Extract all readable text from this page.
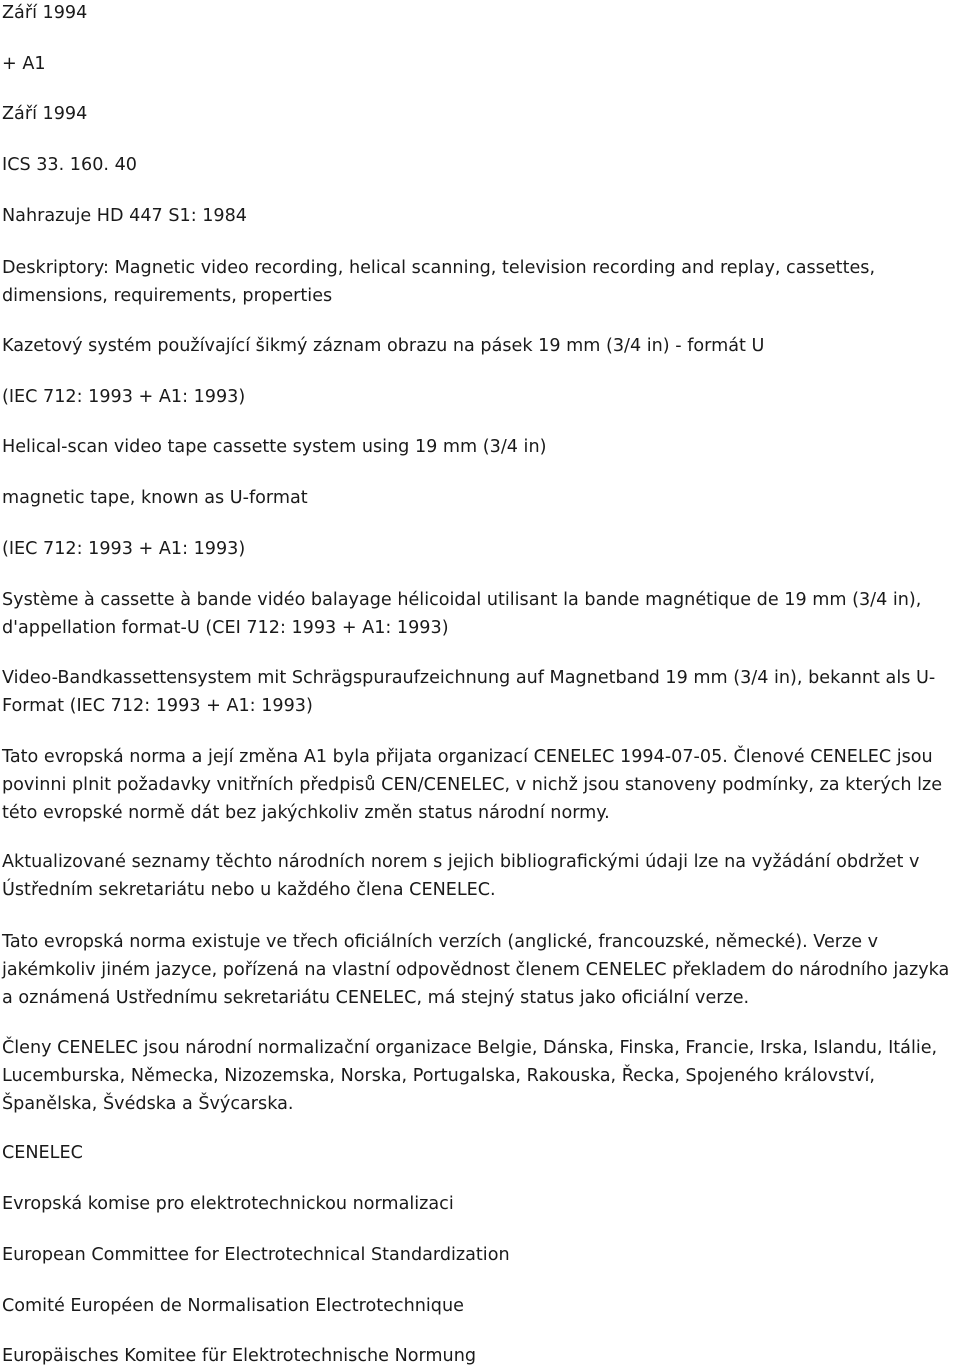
Září 1994

+ A1

Září 1994

ICS 33. 160. 40

Nahrazuje HD 447 S1: 1984

Deskriptory: Magnetic video recording, helical scanning, television recording and replay, cassettes, dimensions, requirements, properties

Kazetový systém používající šikmý záznam obrazu na pásek 19 mm (3/4 in) - formát U

(IEC 712: 1993 + A1: 1993)

Helical-scan video tape cassette system using 19 mm (3/4 in)

magnetic tape, known as U-format

(IEC 712: 1993 + A1: 1993)

Système à cassette à bande vidéo balayage hélicoidal utilisant la bande magnétique de 19 mm (3/4 in), d'appellation format-U (CEI 712: 1993 + A1: 1993)

Video-Bandkassettensystem mit Schrägspuraufzeichnung auf Magnetband 19 mm (3/4 in), bekannt als U-Format (IEC 712: 1993 + A1: 1993)

Tato evropská norma a její změna A1 byla přijata organizací CENELEC 1994-07-05. Členové CENELEC jsou povinni plnit požadavky vnitřních předpisů CEN/CENELEC, v nichž jsou stanoveny podmínky, za kterých lze této evropské normě dát bez jakýchkoliv změn status národní normy.

Aktualizované seznamy těchto národních norem s jejich bibliografickými údaji lze na vyžádání obdržet v Ústředním sekretariátu nebo u každého člena CENELEC.

Tato evropská norma existuje ve třech oficiálních verzích (anglické, francouzské, německé). Verze v jakémkoliv jiném jazyce, pořízená na vlastní odpovědnost členem CENELEC překladem do národního jazyka a oznámená Ustřednímu sekretariátu CENELEC, má stejný status jako oficiální verze.

Členy CENELEC jsou národní normalizační organizace Belgie, Dánska, Finska, Francie, Irska, Islandu, Itálie, Lucemburska, Německa, Nizozemska, Norska, Portugalska, Rakouska, Řecka, Spojeného království, Španělska, Švédska a Švýcarska.

CENELEC

Evropská komise pro elektrotechnickou normalizaci

European Committee for Electrotechnical Standardization

Comité Européen de Normalisation Electrotechnique

Europäisches Komitee für Elektrotechnische Normung
